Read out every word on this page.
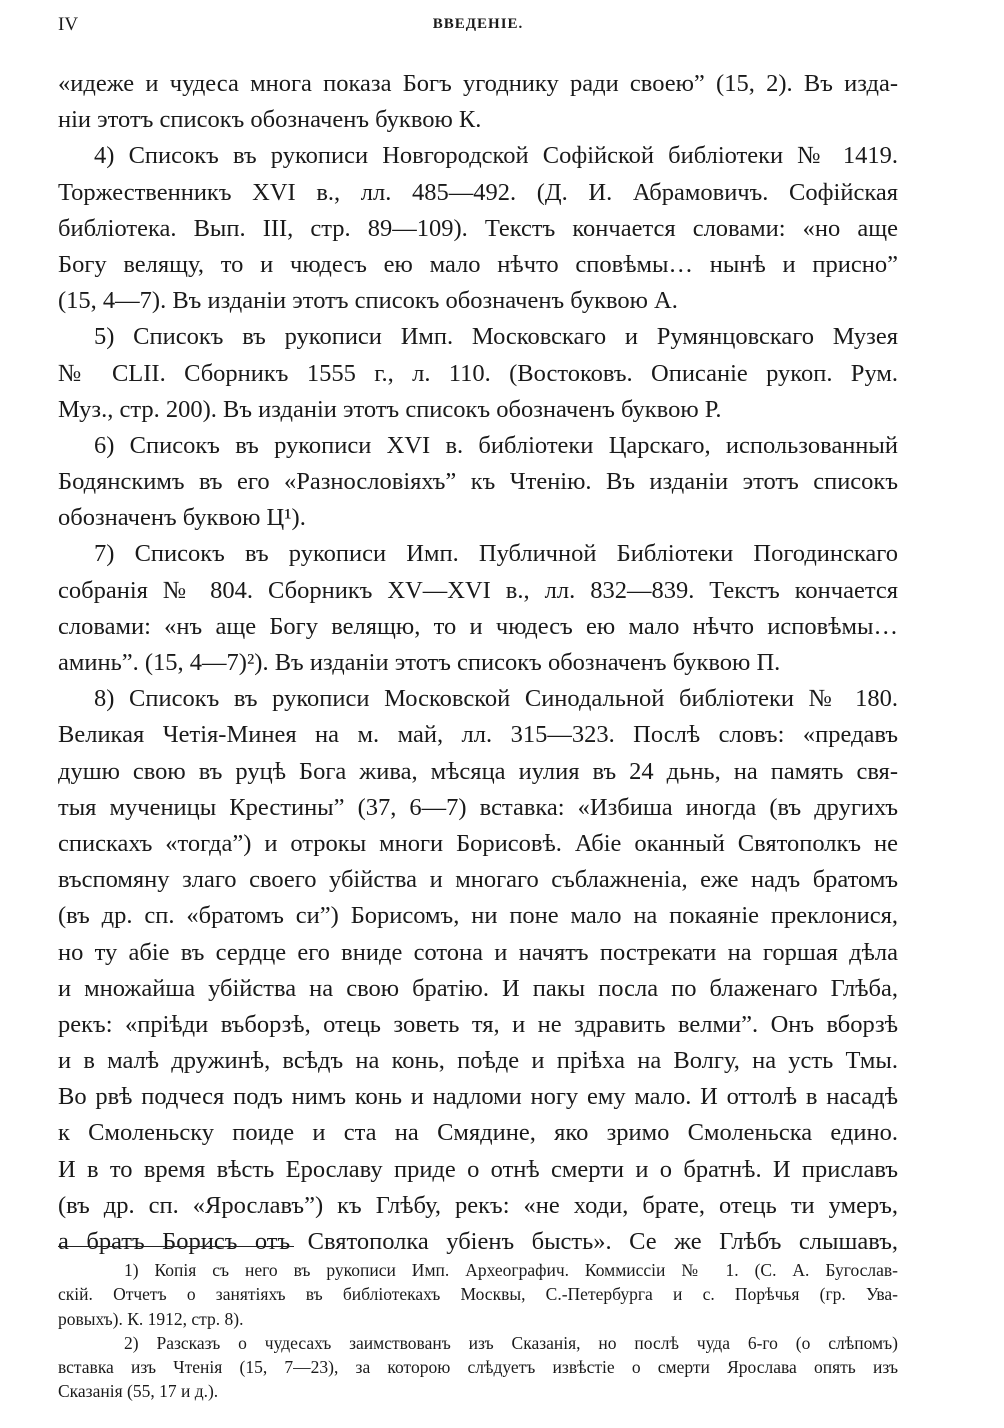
IV	ВВЕДЕНIЕ.
«идеже и чудеса многа показа Богъ угоднику ради своеюˮ (15, 2). Въ изда-
нiи этотъ списокъ обозначенъ буквою К.
4) Списокъ въ рукописи Новгородской Софiйской библiотеки № 1419.
Торжественникъ XVI в., лл. 485—492. (Д. И. Абрамовичъ. Софiйская
библiотека. Вып. III, стр. 89—109). Текстъ кончается словами: «но аще
Богу велящу, то и чюдесъ ею мало нѣчто сповѣмы… нынѣ и присноˮ
(15, 4—7). Въ изданiи этотъ списокъ обозначенъ буквою А.
5) Списокъ въ рукописи Имп. Московскаго и Румянцовскаго Музея
№ CLII. Сборникъ 1555 г., л. 110. (Востоковъ. Описанiе рукоп. Рум.
Муз., стр. 200). Въ изданiи этотъ списокъ обозначенъ буквою Р.
6) Списокъ въ рукописи XVI в. библiотеки Царскаго, использованный
Бодянскимъ въ его «Разнословiяхъˮ къ Чтенiю. Въ изданiи этотъ списокъ
обозначенъ буквою Ц¹).
7) Списокъ въ рукописи Имп. Публичной Библiотеки Погодинскаго
собранiя № 804. Сборникъ XV—XVI в., лл. 832—839. Текстъ кончается
словами: «нъ аще Богу велящю, то и чюдесъ ею мало нѣчто исповѣмы…
аминьˮ. (15, 4—7)²). Въ изданiи этотъ списокъ обозначенъ буквою П.
8) Списокъ въ рукописи Московской Синодальной библiотеки № 180.
Великая Четiя-Минея на м. май, лл. 315—323. Послѣ словъ: «предавъ
душю свою въ руцѣ Бога жива, мѣсяца иулия въ 24 дьнь, на память свя-
тыя мученицы Крестиныˮ (37, 6—7) вставка: «Избиша иногда (въ другихъ
спискахъ «тогдаˮ) и отрокы многи Борисовѣ. Абiе оканный Святополкъ не
въспомяну злаго своего убiйства и многаго съблажненiа, еже надъ братомъ
(въ др. сп. «братомъ сиˮ) Борисомъ, ни поне мало на покаянiе преклонися,
но ту абiе въ сердце его вниде сотона и начятъ пострекати на горшая дѣла
и множайша убiйства на свою братiю. И пакы посла по блаженаго Глѣба,
рекъ: «прiѣди въборзѣ, отець зоветь тя, и не здравить велмиˮ. Онъ вборзѣ
и в малѣ дружинѣ, всѣдъ на конь, поѣде и прiѣха на Волгу, на усть Тмы.
Во рвѣ подчеся подъ нимъ конь и надломи ногу ему мало. И оттолѣ в насадѣ
к Смоленьску поиде и ста на Смядине, яко зримо Смоленьска едино.
И в то время вѣсть Ерославу приде о отнѣ смерти и о братнѣ. И приславъ
(въ др. сп. «Ярославъˮ) къ Глѣбу, рекъ: «не ходи, брате, отець ти умеръ,
а братъ Борисъ отъ Святополка убiенъ бысть». Се же Глѣбъ слышавъ,
1) Копiя съ него въ рукописи Имп. Археографич. Коммиссiи № 1. (С. А. Бугослав-
скiй. Отчетъ о занятiяхъ въ библiотекахъ Москвы, С.-Петербурга и с. Порѣчья (гр. Ува-
ровыхъ). К. 1912, стр. 8).
2) Разсказъ о чудесахъ заимствованъ изъ Сказанiя, но послѣ чуда 6-го (о слѣпомъ)
вставка изъ Чтенiя (15, 7—23), за которою слѣдуетъ извѣстiе о смерти Ярослава опять изъ
Сказанiя (55, 17 и д.).
